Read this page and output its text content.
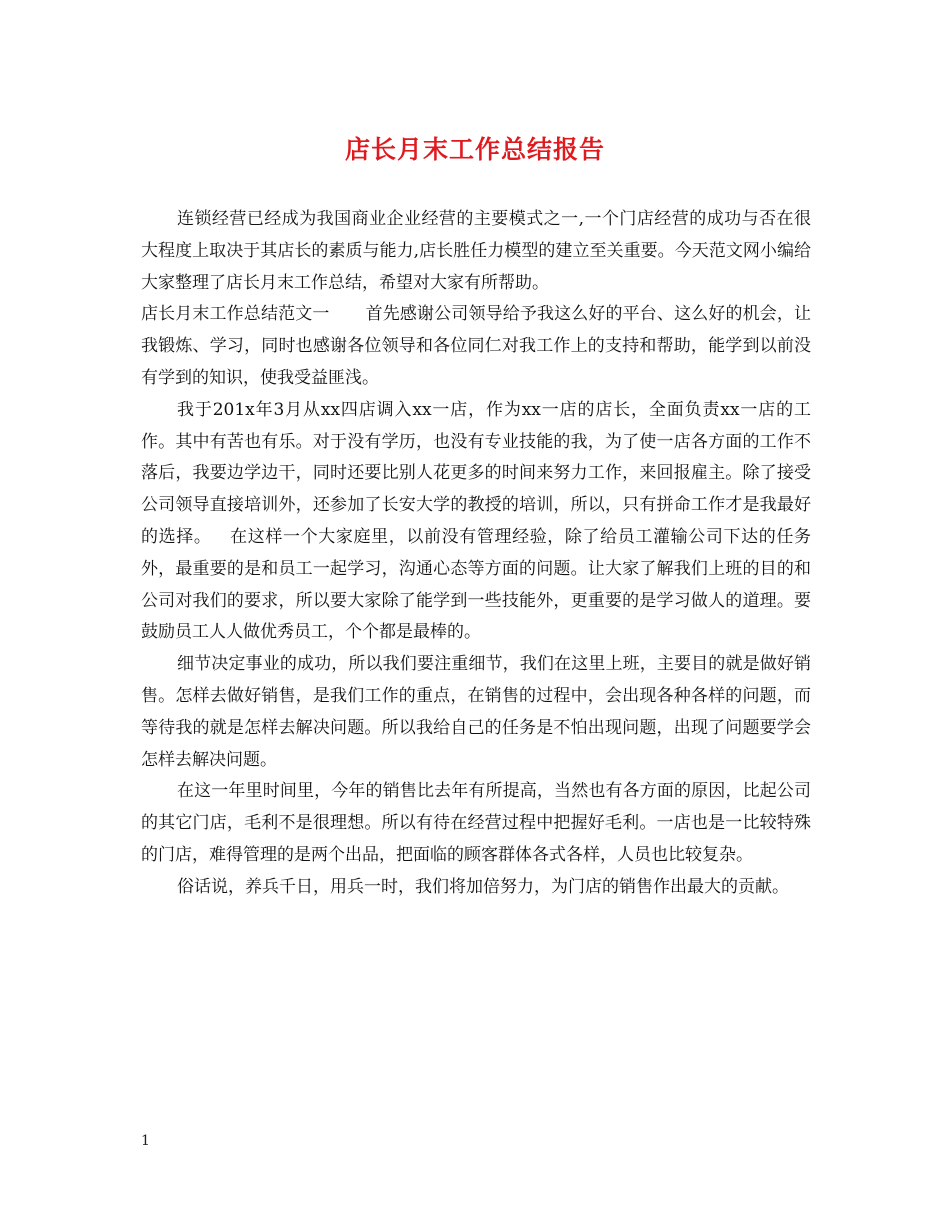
店长月末工作总结报告

连锁经营已经成为我国商业企业经营的主要模式之一,一个门店经营的成功与否在很大程度上取决于其店长的素质与能力,店长胜任力模型的建立至关重要。今天范文网小编给大家整理了店长月末工作总结，希望对大家有所帮助。

店长月末工作总结范文一 首先感谢公司领导给予我这么好的平台、这么好的机会，让我锻炼、学习，同时也感谢各位领导和各位同仁对我工作上的支持和帮助，能学到以前没有学到的知识，使我受益匪浅。

我于201x年3月从xx四店调入xx一店，作为xx一店的店长，全面负责xx一店的工作。其中有苦也有乐。对于没有学历，也没有专业技能的我，为了使一店各方面的工作不落后，我要边学边干，同时还要比别人花更多的时间来努力工作，来回报雇主。除了接受公司领导直接培训外，还参加了长安大学的教授的培训，所以，只有拼命工作才是我最好的选择。 在这样一个大家庭里，以前没有管理经验，除了给员工灌输公司下达的任务外，最重要的是和员工一起学习，沟通心态等方面的问题。让大家了解我们上班的目的和公司对我们的要求，所以要大家除了能学到一些技能外，更重要的是学习做人的道理。要鼓励员工人人做优秀员工，个个都是最棒的。

细节决定事业的成功，所以我们要注重细节，我们在这里上班，主要目的就是做好销售。怎样去做好销售，是我们工作的重点，在销售的过程中，会出现各种各样的问题，而等待我的就是怎样去解决问题。所以我给自己的任务是不怕出现问题，出现了问题要学会怎样去解决问题。

在这一年里时间里，今年的销售比去年有所提高，当然也有各方面的原因，比起公司的其它门店，毛利不是很理想。所以有待在经营过程中把握好毛利。一店也是一比较特殊的门店，难得管理的是两个出品，把面临的顾客群体各式各样，人员也比较复杂。

俗话说，养兵千日，用兵一时，我们将加倍努力，为门店的销售作出最大的贡献。

1
